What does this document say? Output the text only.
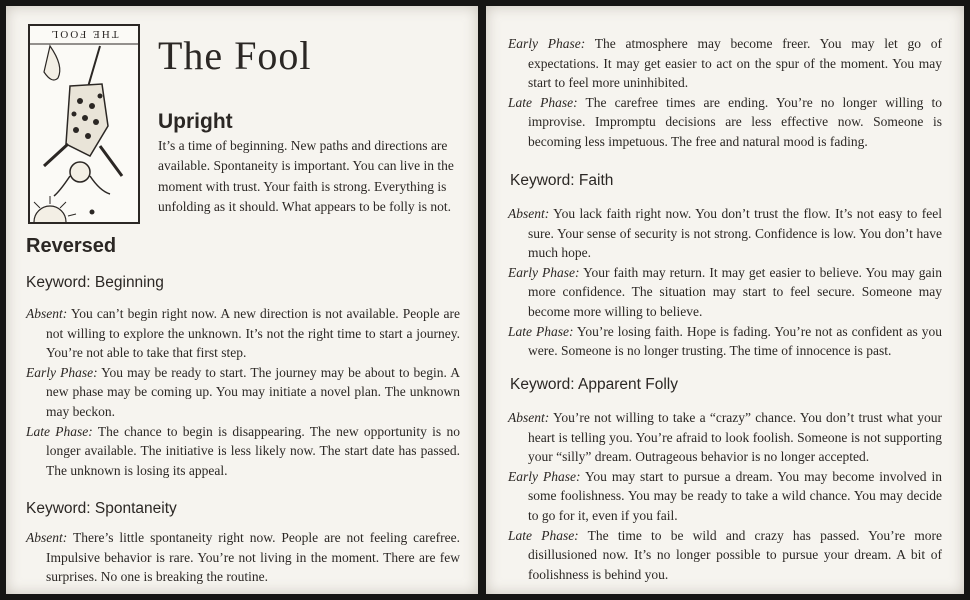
THE FOOL The Fool
Upright

It’s a time of beginning. New paths and directions are available. Spontaneity is important. You can live in the moment with trust. Your faith is strong. Everything is unfolding as it should. What appears to be folly is not.

Reversed
Keyword: Beginning

Absent: You can’t begin right now. A new direction is not available. People are not willing to explore the unknown. It’s not the right time to start a journey. You’re not able to take that first step.

Early Phase: You may be ready to start. The journey may be about to begin. A new phase may be coming up. You may initiate a novel plan. The unknown may beckon.

Late Phase: The chance to begin is disappearing. The new opportunity is no longer available. The initiative is less likely now. The start date has passed. The unknown is losing its appeal.

Keyword: Spontaneity

Absent: There’s little spontaneity right now. People are not feeling carefree. Impulsive behavior is rare. You’re not living in the moment. There are few surprises. No one is breaking the routine.

Early Phase: The atmosphere may become freer. You may let go of expectations. It may get easier to act on the spur of the moment. You may start to feel more uninhibited.

Late Phase: The carefree times are ending. You’re no longer willing to improvise. Impromptu decisions are less effective now. Someone is becoming less impetuous. The free and natural mood is fading.

Keyword: Faith

Absent: You lack faith right now. You don’t trust the flow. It’s not easy to feel sure. Your sense of security is not strong. Confidence is low. You don’t have much hope.

Early Phase: Your faith may return. It may get easier to believe. You may gain more confidence. The situation may start to feel secure. Someone may become more willing to believe.

Late Phase: You’re losing faith. Hope is fading. You’re not as confident as you were. Someone is no longer trusting. The time of innocence is past.

Keyword: Apparent Folly

Absent: You’re not willing to take a “crazy” chance. You don’t trust what your heart is telling you. You’re afraid to look foolish. Someone is not supporting your “silly” dream. Outrageous behavior is no longer accepted.

Early Phase: You may start to pursue a dream. You may become involved in some foolishness. You may be ready to take a wild chance. You may decide to go for it, even if you fail.

Late Phase: The time to be wild and crazy has passed. You’re more disillusioned now. It’s no longer possible to pursue your dream. A bit of foolishness is behind you.
